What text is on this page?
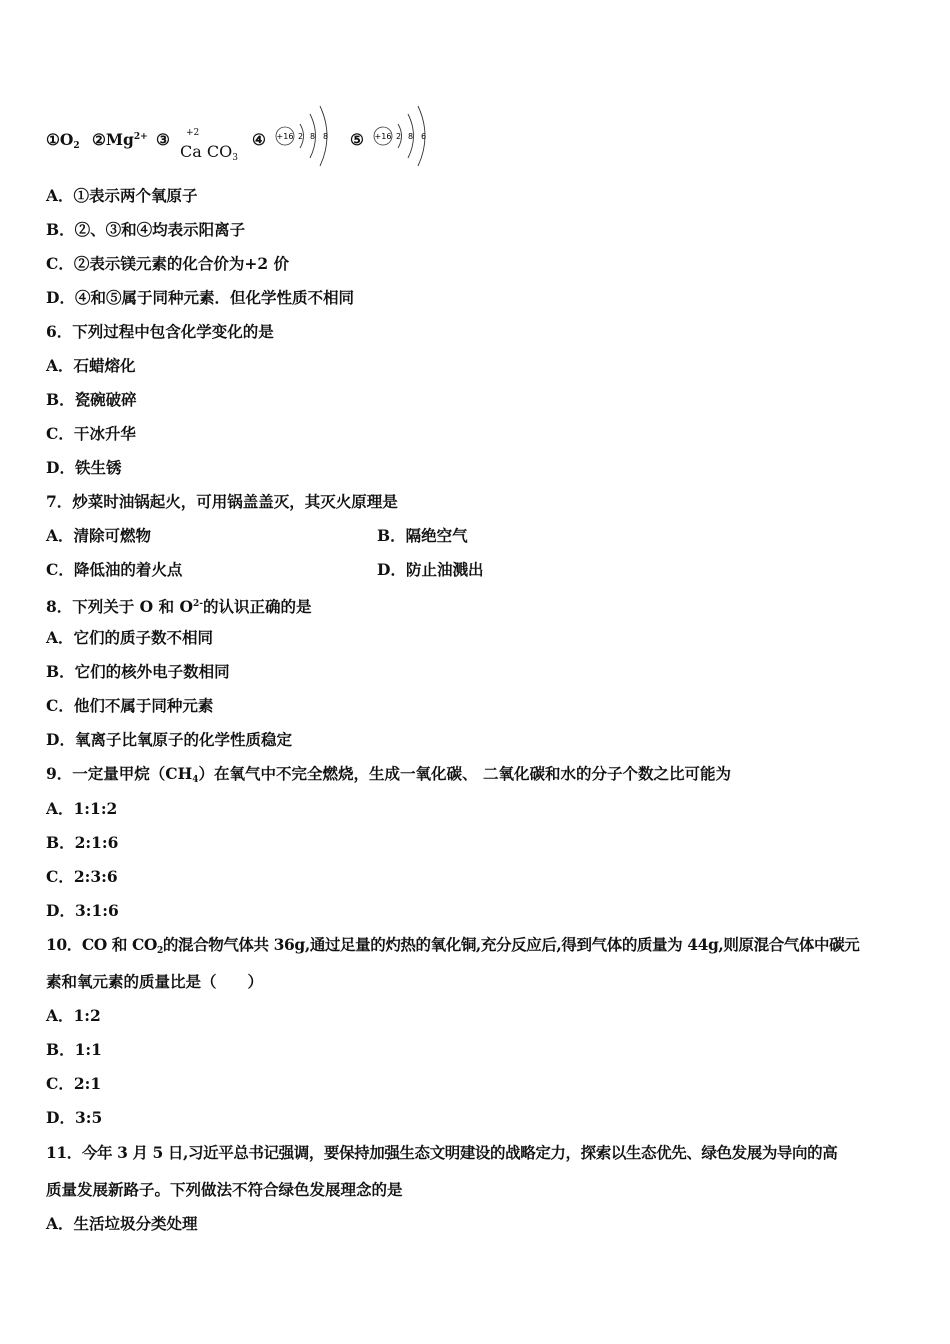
$①O_2$ $②Mg^{2+}$ ③ +2
Ca $CO_3$
④ +16 2 8 8 ⑤ +16 2 8 6
A．①表示两个氧原子
B．②、③和④均表示阳离子
C．②表示镁元素的化合价为+2 价
D．④和⑤属于同种元素．但化学性质不相同
6．下列过程中包含化学变化的是
A．石蜡熔化
B．瓷碗破碎
C．干冰升华
D．铁生锈
7．炒菜时油锅起火，可用锅盖盖灭，其灭火原理是
A．清除可燃物	B．隔绝空气
C．降低油的着火点	D．防止油溅出
8．下列关于 O 和 $O^{2-}$的认识正确的是
A．它们的质子数不相同
B．它们的核外电子数相同
C．他们不属于同种元素
D．氧离子比氧原子的化学性质稳定
9．一定量甲烷$(CH_4)$在氧气中不完全燃烧，生成一氧化碳、 二氧化碳和水的分子个数之比可能为
A．1:1:2
B．2:1:6
C．2:3:6
D．3:1:6
10．CO 和 $CO_2$的混合物气体共 36g,通过足量的灼热的氧化铜,充分反应后,得到气体的质量为 44g,则原混合气体中碳元
素和氧元素的质量比是（　　）
A．1:2
B．1:1
C．2:1
D．3:5
11．今年 3 月 5 日,习近平总书记强调，要保持加强生态文明建设的战略定力，探索以生态优先、绿色发展为导向的高
质量发展新路子。下列做法不符合绿色发展理念的是
A．生活垃圾分类处理
